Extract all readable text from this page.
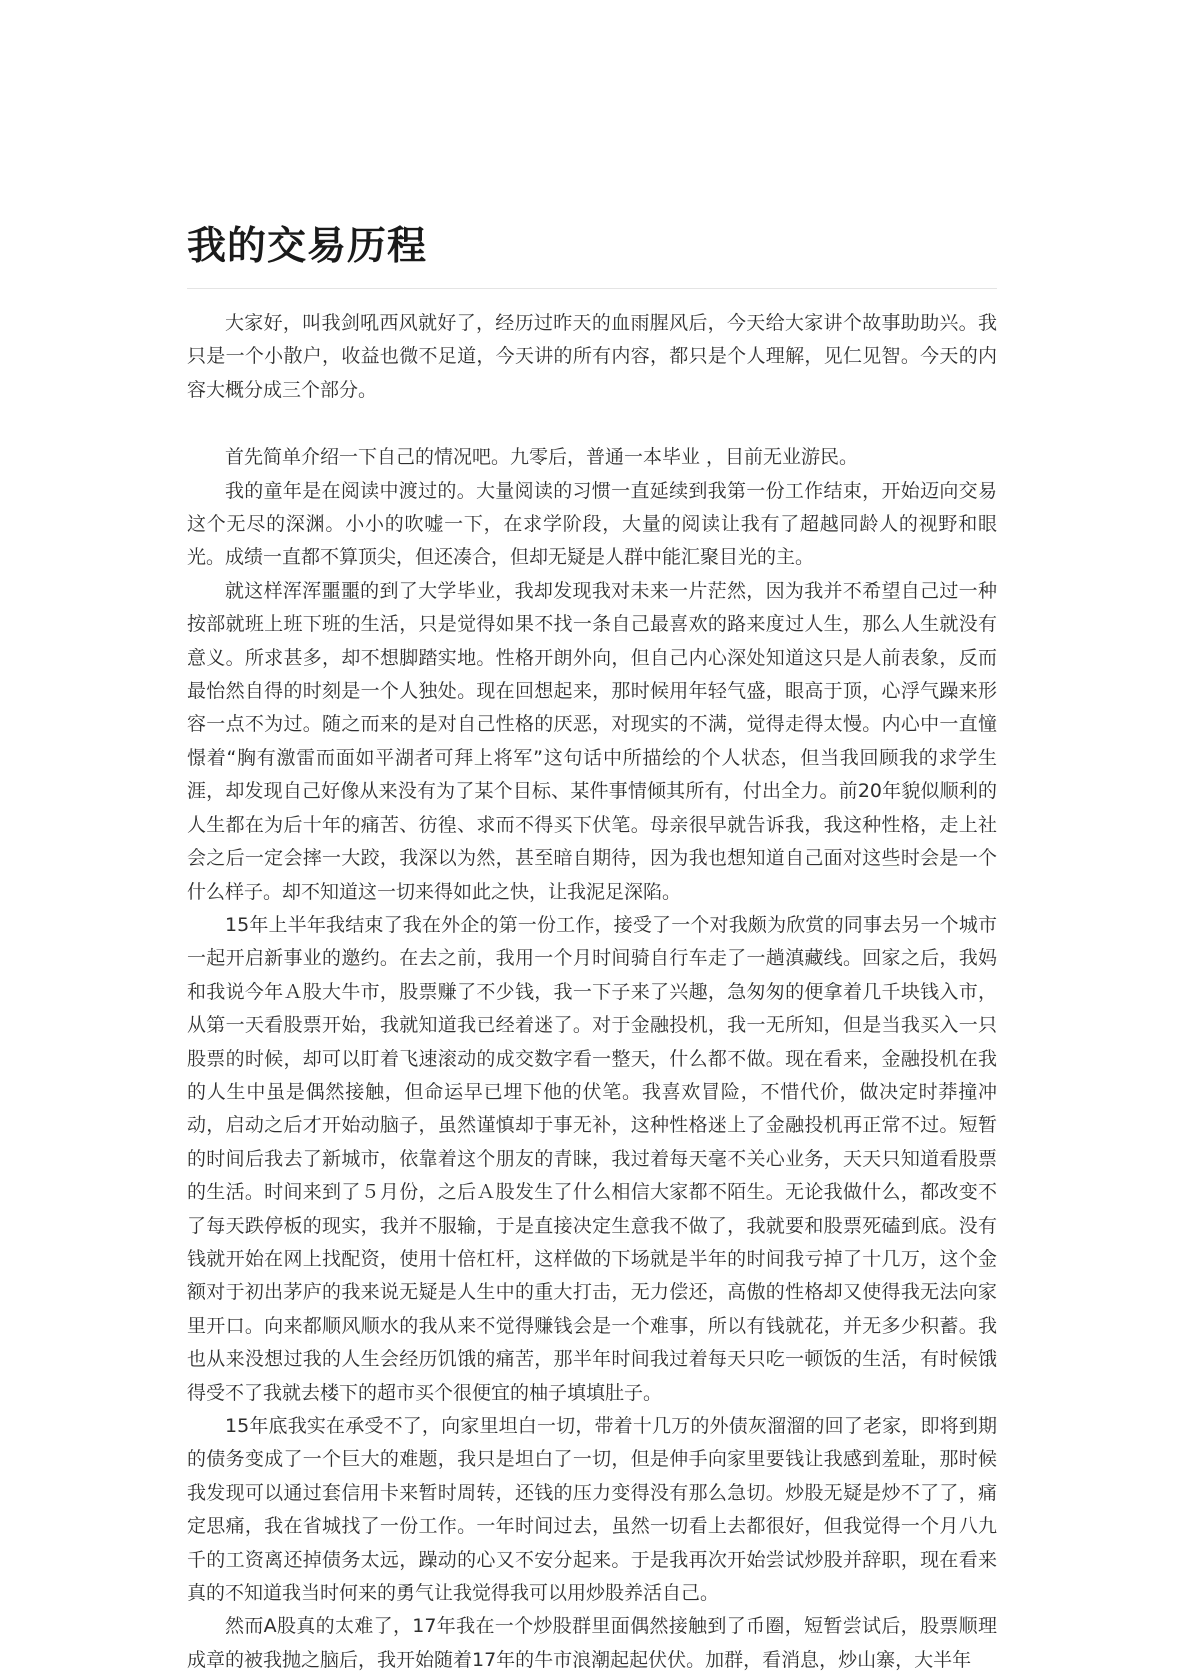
我的交易历程

大家好，叫我剑吼西风就好了，经历过昨天的血雨腥风后，今天给大家讲个故事助助兴。我只是一个小散户，收益也微不足道，今天讲的所有内容，都只是个人理解，见仁见智。今天的内容大概分成三个部分。

首先简单介绍一下自己的情况吧。九零后，普通一本毕业 ，目前无业游民。

我的童年是在阅读中渡过的。大量阅读的习惯一直延续到我第一份工作结束，开始迈向交易这个无尽的深渊。小小的吹嘘一下，在求学阶段，大量的阅读让我有了超越同龄人的视野和眼光。成绩一直都不算顶尖，但还凑合，但却无疑是人群中能汇聚目光的主。

就这样浑浑噩噩的到了大学毕业，我却发现我对未来一片茫然，因为我并不希望自己过一种按部就班上班下班的生活，只是觉得如果不找一条自己最喜欢的路来度过人生，那么人生就没有意义。所求甚多，却不想脚踏实地。性格开朗外向，但自己内心深处知道这只是人前表象，反而最怡然自得的时刻是一个人独处。现在回想起来，那时候用年轻气盛，眼高于顶，心浮气躁来形容一点不为过。随之而来的是对自己性格的厌恶，对现实的不满，觉得走得太慢。内心中一直憧憬着“胸有激雷而面如平湖者可拜上将军”这句话中所描绘的个人状态，但当我回顾我的求学生涯，却发现自己好像从来没有为了某个目标、某件事情倾其所有，付出全力。前20年貌似顺利的人生都在为后十年的痛苦、彷徨、求而不得买下伏笔。母亲很早就告诉我，我这种性格，走上社会之后一定会摔一大跤，我深以为然，甚至暗自期待，因为我也想知道自己面对这些时会是一个什么样子。却不知道这一切来得如此之快，让我泥足深陷。

15年上半年我结束了我在外企的第一份工作，接受了一个对我颇为欣赏的同事去另一个城市一起开启新事业的邀约。在去之前，我用一个月时间骑自行车走了一趟滇藏线。回家之后，我妈和我说今年Ａ股大牛市，股票赚了不少钱，我一下子来了兴趣，急匆匆的便拿着几千块钱入市，从第一天看股票开始，我就知道我已经着迷了。对于金融投机，我一无所知，但是当我买入一只股票的时候，却可以盯着飞速滚动的成交数字看一整天，什么都不做。现在看来，金融投机在我的人生中虽是偶然接触，但命运早已埋下他的伏笔。我喜欢冒险，不惜代价，做决定时莽撞冲动，启动之后才开始动脑子，虽然谨慎却于事无补，这种性格迷上了金融投机再正常不过。短暂的时间后我去了新城市，依靠着这个朋友的青睐，我过着每天毫不关心业务，天天只知道看股票的生活。时间来到了５月份，之后Ａ股发生了什么相信大家都不陌生。无论我做什么，都改变不了每天跌停板的现实，我并不服输，于是直接决定生意我不做了，我就要和股票死磕到底。没有钱就开始在网上找配资，使用十倍杠杆，这样做的下场就是半年的时间我亏掉了十几万，这个金额对于初出茅庐的我来说无疑是人生中的重大打击，无力偿还，高傲的性格却又使得我无法向家里开口。向来都顺风顺水的我从来不觉得赚钱会是一个难事，所以有钱就花，并无多少积蓄。我也从来没想过我的人生会经历饥饿的痛苦，那半年时间我过着每天只吃一顿饭的生活，有时候饿得受不了我就去楼下的超市买个很便宜的柚子填填肚子。

15年底我实在承受不了，向家里坦白一切，带着十几万的外债灰溜溜的回了老家，即将到期的债务变成了一个巨大的难题，我只是坦白了一切，但是伸手向家里要钱让我感到羞耻，那时候我发现可以通过套信用卡来暂时周转，还钱的压力变得没有那么急切。炒股无疑是炒不了了，痛定思痛，我在省城找了一份工作。一年时间过去，虽然一切看上去都很好，但我觉得一个月八九千的工资离还掉债务太远，躁动的心又不安分起来。于是我再次开始尝试炒股并辞职，现在看来真的不知道我当时何来的勇气让我觉得我可以用炒股养活自己。

然而A股真的太难了，17年我在一个炒股群里面偶然接触到了币圈，短暂尝试后，股票顺理成章的被我抛之脑后，我开始随着17年的牛市浪潮起起伏伏。加群，看消息，炒山寨，大半年
